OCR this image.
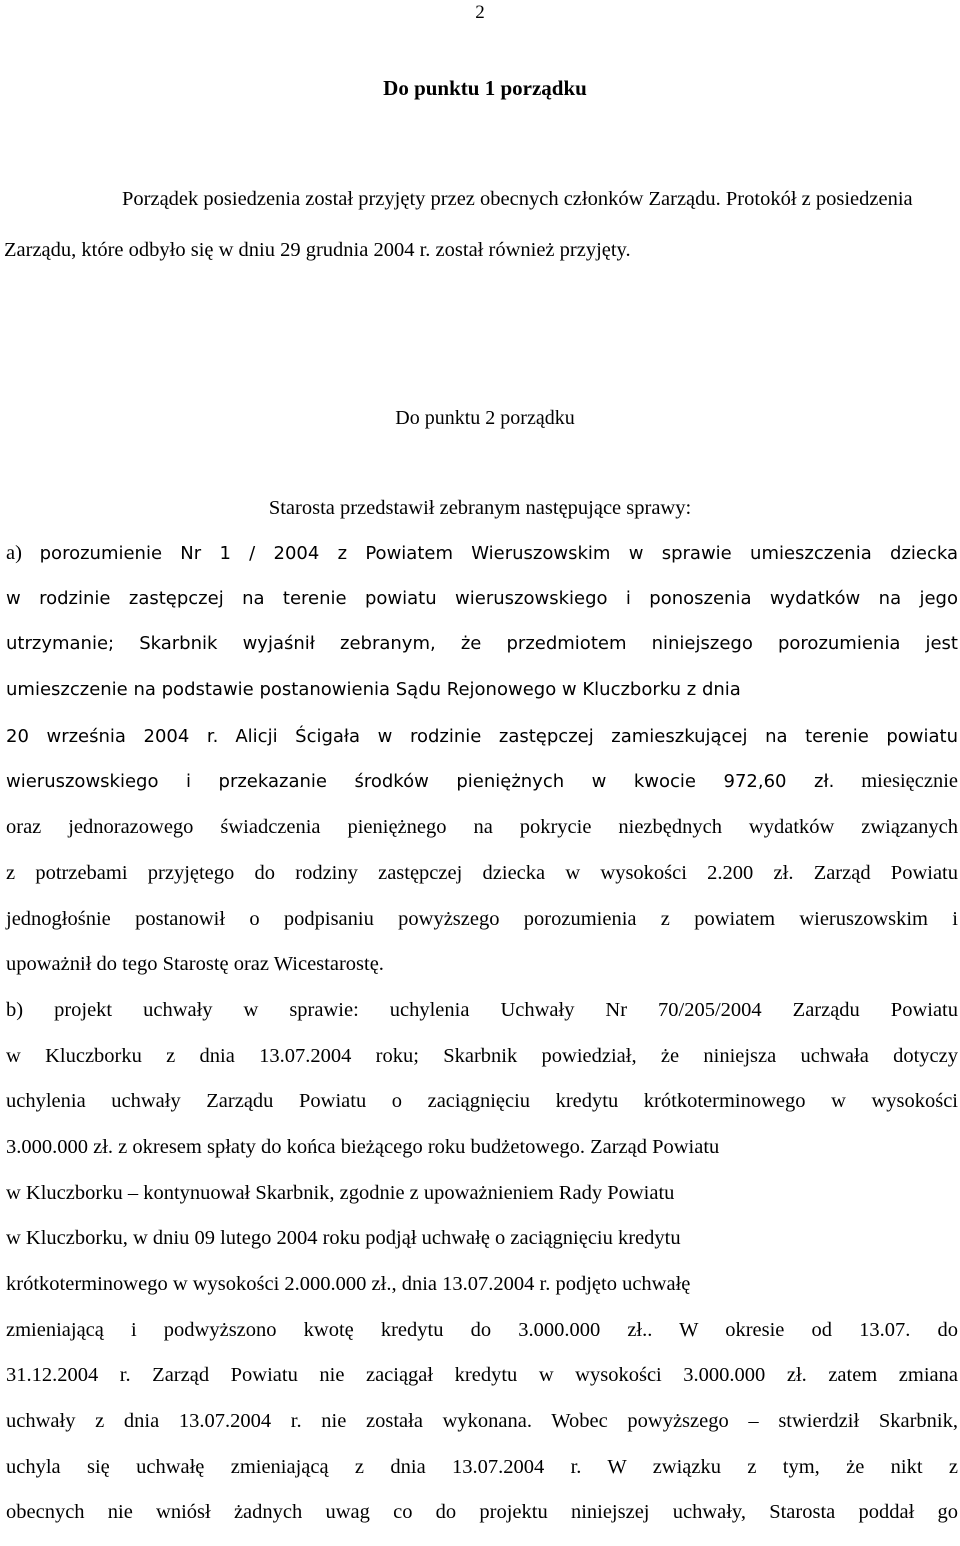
2
Do punktu 1 porządku

Porządek posiedzenia został przyjęty przez obecnych członków Zarządu. Protokół z posiedzenia Zarządu, które odbyło się w dniu 29 grudnia 2004 r. został również przyjęty.

Do punktu 2 porządku
Starosta przedstawił zebranym następujące sprawy:
a) porozumienie Nr 1 / 2004 z Powiatem Wieruszowskim w sprawie umieszczenia dziecka
w rodzinie zastępczej na terenie powiatu wieruszowskiego i ponoszenia wydatków na jego
utrzymanie; Skarbnik wyjaśnił zebranym, że przedmiotem niniejszego porozumienia jest
umieszczenie na podstawie postanowienia Sądu Rejonowego w Kluczborku z dnia
20 września 2004 r. Alicji Ścigała w rodzinie zastępczej zamieszkującej na terenie powiatu
wieruszowskiego i przekazanie środków pieniężnych w kwocie 972,60 zł. miesięcznie
oraz jednorazowego świadczenia pieniężnego na pokrycie niezbędnych wydatków związanych
z potrzebami przyjętego do rodziny zastępczej dziecka w wysokości 2.200 zł. Zarząd Powiatu
jednogłośnie postanowił o podpisaniu powyższego porozumienia z powiatem wieruszowskim i
upoważnił do tego Starostę oraz Wicestarostę.
b) projekt uchwały w sprawie: uchylenia Uchwały Nr 70/205/2004 Zarządu Powiatu
w Kluczborku z dnia 13.07.2004 roku; Skarbnik powiedział, że niniejsza uchwała dotyczy
uchylenia uchwały Zarządu Powiatu o zaciągnięciu kredytu krótkoterminowego w wysokości
3.000.000 zł. z okresem spłaty do końca bieżącego roku budżetowego. Zarząd Powiatu
w Kluczborku – kontynuował Skarbnik, zgodnie z upoważnieniem Rady Powiatu
w Kluczborku, w dniu 09 lutego 2004 roku podjął uchwałę o zaciągnięciu kredytu
krótkoterminowego w wysokości 2.000.000 zł., dnia 13.07.2004 r. podjęto uchwałę
zmieniającą i podwyższono kwotę kredytu do 3.000.000 zł.. W okresie od 13.07. do
31.12.2004 r. Zarząd Powiatu nie zaciągał kredytu w wysokości 3.000.000 zł. zatem zmiana
uchwały z dnia 13.07.2004 r. nie została wykonana. Wobec powyższego – stwierdził Skarbnik,
uchyla się uchwałę zmieniającą z dnia 13.07.2004 r. W związku z tym, że nikt z
obecnych nie wniósł żadnych uwag co do projektu niniejszej uchwały, Starosta poddał go
